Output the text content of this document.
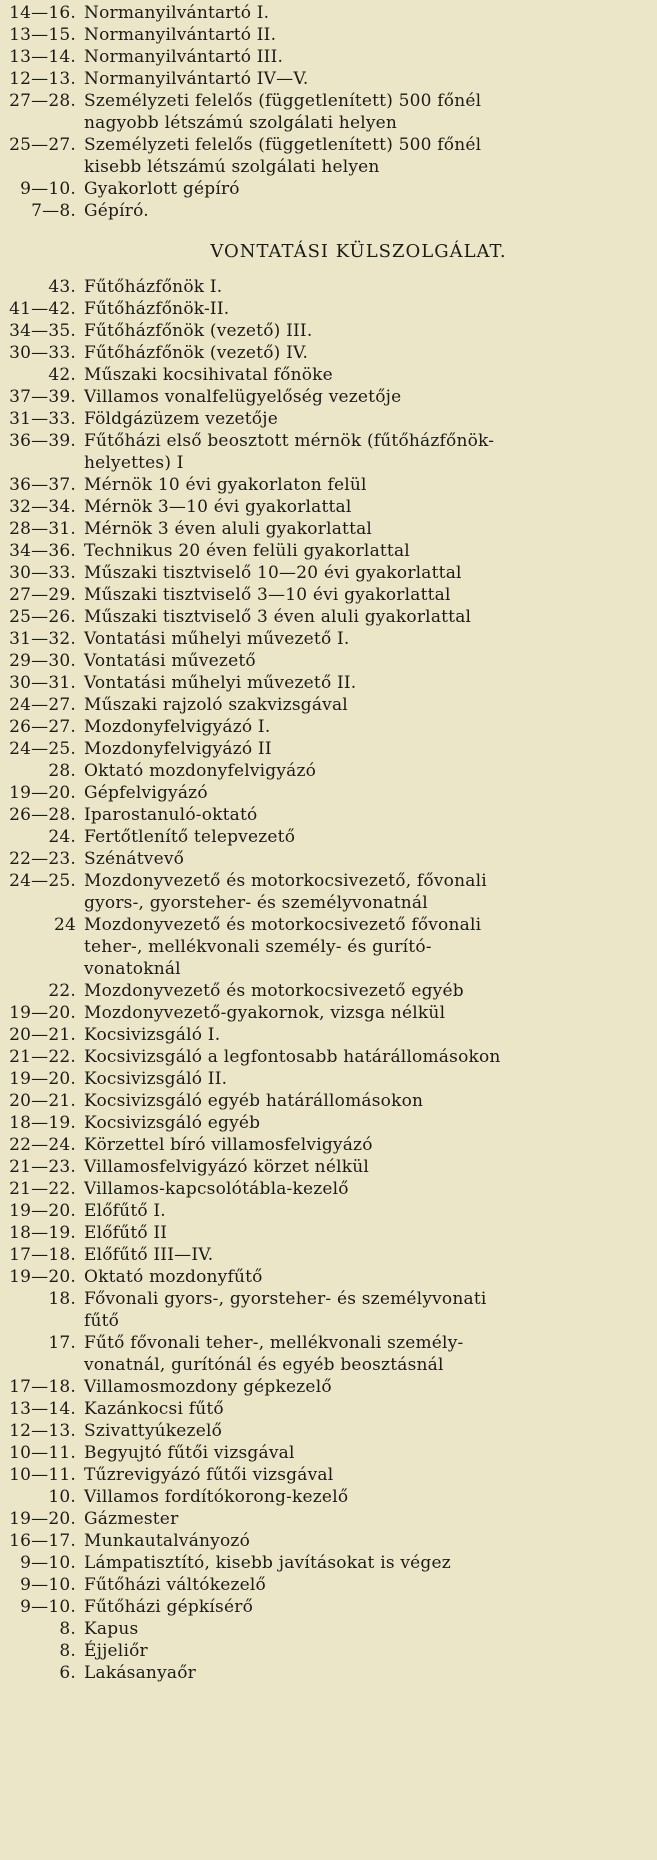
14—16. Normanyilvántartó I.
13—15. Normanyilvántartó II.
13—14. Normanyilvántartó III.
12—13. Normanyilvántartó IV—V.
27—28. Személyzeti felelős (függetlenített) 500 főnél
nagyobb létszámú szolgálati helyen
25—27. Személyzeti felelős (függetlenített) 500 főnél
kisebb létszámú szolgálati helyen
9—10. Gyakorlott gépíró
7—8. Gépíró.
VONTATÁSI KÜLSZOLGÁLAT.
43. Fűtőházfőnök I.
41—42. Fűtőházfőnök-II.
34—35. Fűtőházfőnök (vezető) III.
30—33. Fűtőházfőnök (vezető) IV.
42. Műszaki kocsihivatal főnöke
37—39. Villamos vonalfelügyelőség vezetője
31—33. Földgázüzem vezetője
36—39. Fűtőházi első beosztott mérnök (fűtőházfőnök-
helyettes) I
36—37. Mérnök 10 évi gyakorlaton felül
32—34. Mérnök 3—10 évi gyakorlattal
28—31. Mérnök 3 éven aluli gyakorlattal
34—36. Technikus 20 éven felüli gyakorlattal
30—33. Műszaki tisztviselő 10—20 évi gyakorlattal
27—29. Műszaki tisztviselő 3—10 évi gyakorlattal
25—26. Műszaki tisztviselő 3 éven aluli gyakorlattal
31—32. Vontatási műhelyi művezető I.
29—30. Vontatási művezető
30—31. Vontatási műhelyi művezető II.
24—27. Műszaki rajzoló szakvizsgával
26—27. Mozdonyfelvigyázó I.
24—25. Mozdonyfelvigyázó II
28. Oktató mozdonyfelvigyázó
19—20. Gépfelvigyázó
26—28. Iparostanuló-oktató
24. Fertőtlenítő telepvezető
22—23. Szénátvevő
24—25. Mozdonyvezető és motorkocsivezető, fővonali
gyors-, gyorsteher- és személyvonatnál
24 Mozdonyvezető és motorkocsivezető fővonali
teher-, mellékvonali személy- és gurító-
vonatoknál
22. Mozdonyvezető és motorkocsivezető egyéb
19—20. Mozdonyvezető-gyakornok, vizsga nélkül
20—21. Kocsivizsgáló I.
21—22. Kocsivizsgáló a legfontosabb határállomásokon
19—20. Kocsivizsgáló II.
20—21. Kocsivizsgáló egyéb határállomásokon
18—19. Kocsivizsgáló egyéb
22—24. Körzettel bíró villamosfelvigyázó
21—23. Villamosfelvigyázó körzet nélkül
21—22. Villamos-kapcsolótábla-kezelő
19—20. Előfűtő I.
18—19. Előfűtő II
17—18. Előfűtő III—IV.
19—20. Oktató mozdonyfűtő
18. Fővonali gyors-, gyorsteher- és személyvonati
fűtő
17. Fűtő fővonali teher-, mellékvonali személy-
vonatnál, gurítónál és egyéb beosztásnál
17—18. Villamosmozdony gépkezelő
13—14. Kazánkocsi fűtő
12—13. Szivattyúkezelő
10—11. Begyujtó fűtői vizsgával
10—11. Tűzrevigyázó fűtői vizsgával
10. Villamos fordítókorong-kezelő
19—20. Gázmester
16—17. Munkautalványozó
9—10. Lámpatisztító, kisebb javításokat is végez
9—10. Fűtőházi váltókezelő
9—10. Fűtőházi gépkísérő
8. Kapus
8. Éjjeliőr
6. Lakásanyaőr
